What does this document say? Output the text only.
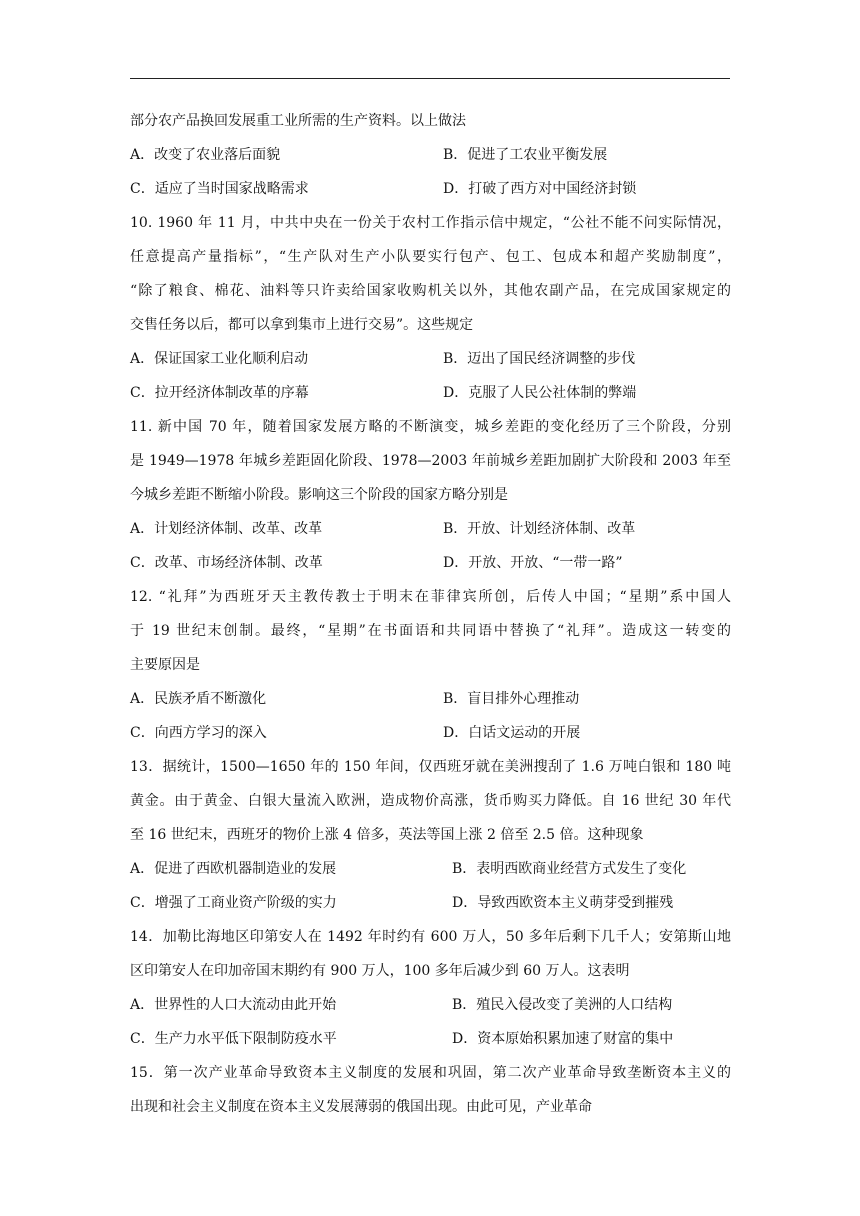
部分农产品换回发展重工业所需的生产资料。以上做法
A．改变了农业落后面貌	B．促进了工农业平衡发展
C．适应了当时国家战略需求	D．打破了西方对中国经济封锁
10. 1960 年 11 月，中共中央在一份关于农村工作指示信中规定，“公社不能不问实际情况，
任意提高产量指标”，“生产队对生产小队要实行包产、包工、包成本和超产奖励制度”，
“除了粮食、棉花、油料等只许卖给国家收购机关以外，其他农副产品，在完成国家规定的
交售任务以后，都可以拿到集市上进行交易”。这些规定
A．保证国家工业化顺利启动	B．迈出了国民经济调整的步伐
C．拉开经济体制改革的序幕	D．克服了人民公社体制的弊端
11. 新中国 70 年，随着国家发展方略的不断演变，城乡差距的变化经历了三个阶段，分别
是 1949—1978 年城乡差距固化阶段、1978—2003 年前城乡差距加剧扩大阶段和 2003 年至
今城乡差距不断缩小阶段。影响这三个阶段的国家方略分别是
A．计划经济体制、改革、改革	B．开放、计划经济体制、改革
C．改革、市场经济体制、改革	D．开放、开放、“一带一路”
12. “礼拜”为西班牙天主教传教士于明末在菲律宾所创，后传人中国；“星期”系中国人
于 19 世纪末创制。最终，“星期”在书面语和共同语中替换了“礼拜”。造成这一转变的
主要原因是
A．民族矛盾不断激化	B．盲目排外心理推动
C．向西方学习的深入	D．白话文运动的开展
13．据统计，1500—1650 年的 150 年间，仅西班牙就在美洲搜刮了 1.6 万吨白银和 180 吨
黄金。由于黄金、白银大量流入欧洲，造成物价高涨，货币购买力降低。自 16 世纪 30 年代
至 16 世纪末，西班牙的物价上涨 4 倍多，英法等国上涨 2 倍至 2.5 倍。这种现象
A．促进了西欧机器制造业的发展	B．表明西欧商业经营方式发生了变化
C．增强了工商业资产阶级的实力	D．导致西欧资本主义萌芽受到摧残
14．加勒比海地区印第安人在 1492 年时约有 600 万人，50 多年后剩下几千人；安第斯山地
区印第安人在印加帝国末期约有 900 万人，100 多年后减少到 60 万人。这表明
A．世界性的人口大流动由此开始	B．殖民入侵改变了美洲的人口结构
C．生产力水平低下限制防疫水平	D．资本原始积累加速了财富的集中
15．第一次产业革命导致资本主义制度的发展和巩固，第二次产业革命导致垄断资本主义的
出现和社会主义制度在资本主义发展薄弱的俄国出现。由此可见，产业革命
